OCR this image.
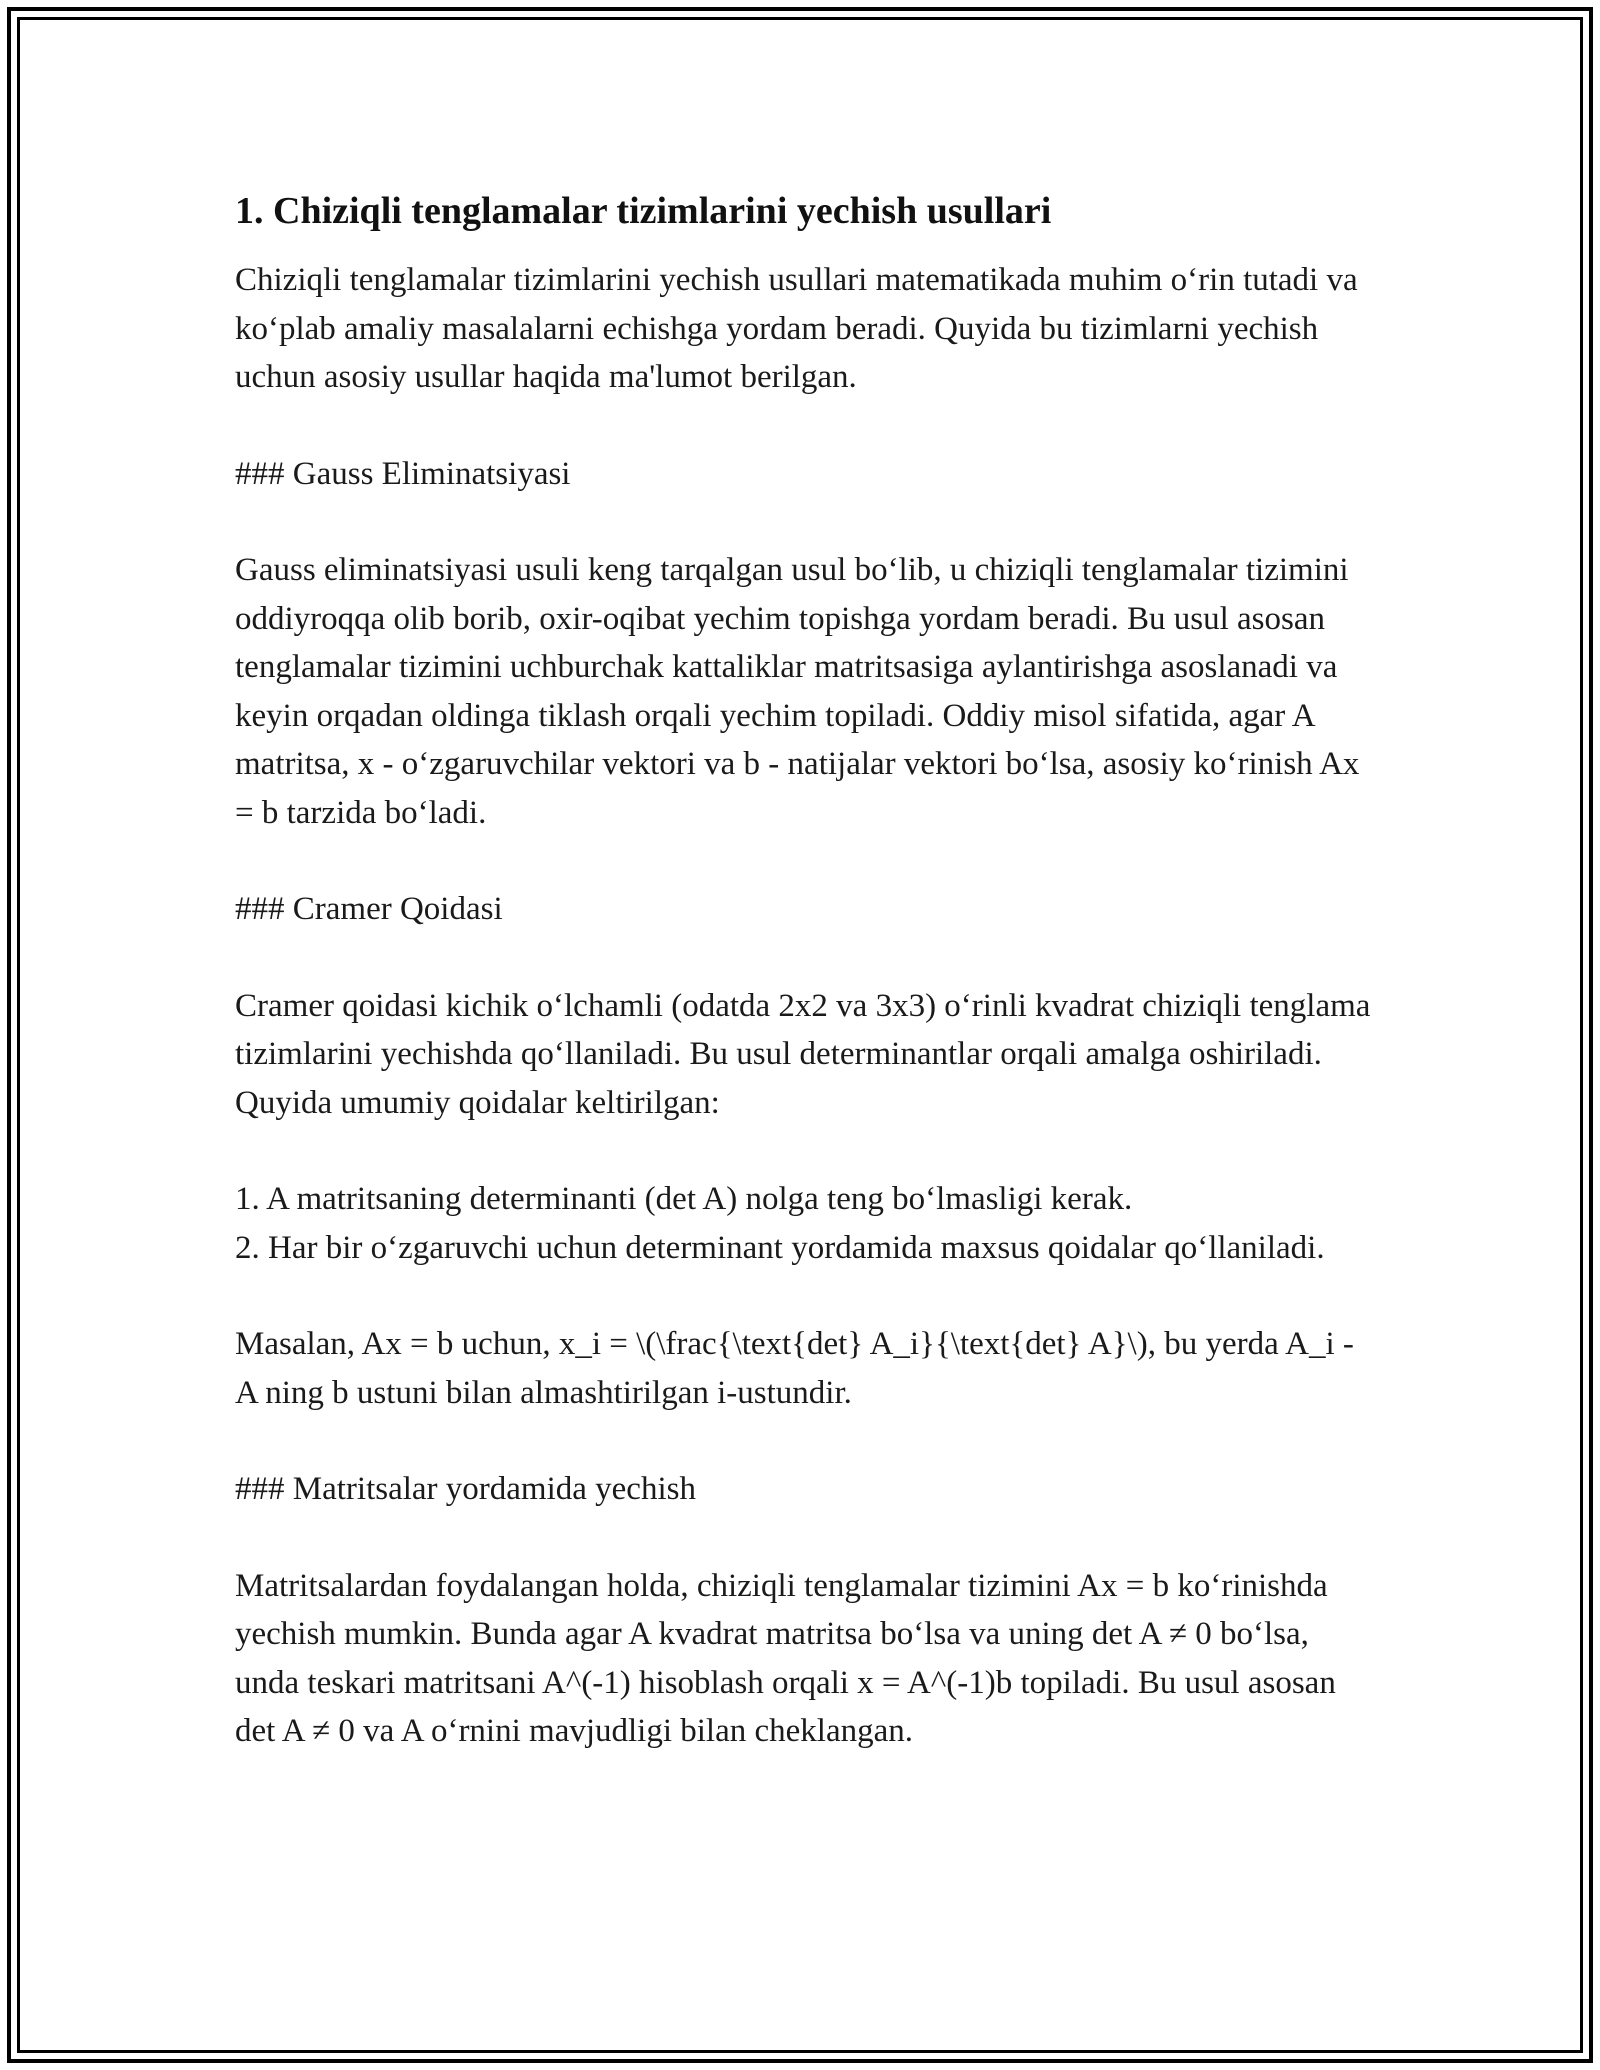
1. Chiziqli tenglamalar tizimlarini yechish usullari

Chiziqli tenglamalar tizimlarini yechish usullari matematikada muhim o‘rin tutadi va ko‘plab amaliy masalalarni echishga yordam beradi. Quyida bu tizimlarni yechish uchun asosiy usullar haqida ma'lumot berilgan.

### Gauss Eliminatsiyasi

Gauss eliminatsiyasi usuli keng tarqalgan usul bo‘lib, u chiziqli tenglamalar tizimini oddiyroqqa olib borib, oxir-oqibat yechim topishga yordam beradi. Bu usul asosan tenglamalar tizimini uchburchak kattaliklar matritsasiga aylantirishga asoslanadi va keyin orqadan oldinga tiklash orqali yechim topiladi. Oddiy misol sifatida, agar A matritsa, x - o‘zgaruvchilar vektori va b - natijalar vektori bo‘lsa, asosiy ko‘rinish Ax = b tarzida bo‘ladi.

### Cramer Qoidasi

Cramer qoidasi kichik o‘lchamli (odatda 2x2 va 3x3) o‘rinli kvadrat chiziqli tenglama tizimlarini yechishda qo‘llaniladi. Bu usul determinantlar orqali amalga oshiriladi. Quyida umumiy qoidalar keltirilgan:

1. A matritsaning determinanti (det A) nolga teng bo‘lmasligi kerak.
2. Har bir o‘zgaruvchi uchun determinant yordamida maxsus qoidalar qo‘llaniladi.

Masalan, Ax = b uchun, x_i = \(\frac{\text{det} A_i}{\text{det} A}\), bu yerda A_i - A ning b ustuni bilan almashtirilgan i-ustundir.

### Matritsalar yordamida yechish

Matritsalardan foydalangan holda, chiziqli tenglamalar tizimini Ax = b ko‘rinishda yechish mumkin. Bunda agar A kvadrat matritsa bo‘lsa va uning det A ≠ 0 bo‘lsa, unda teskari matritsani A^(-1) hisoblash orqali x = A^(-1)b topiladi. Bu usul asosan det A ≠ 0 va A o‘rnini mavjudligi bilan cheklangan.
